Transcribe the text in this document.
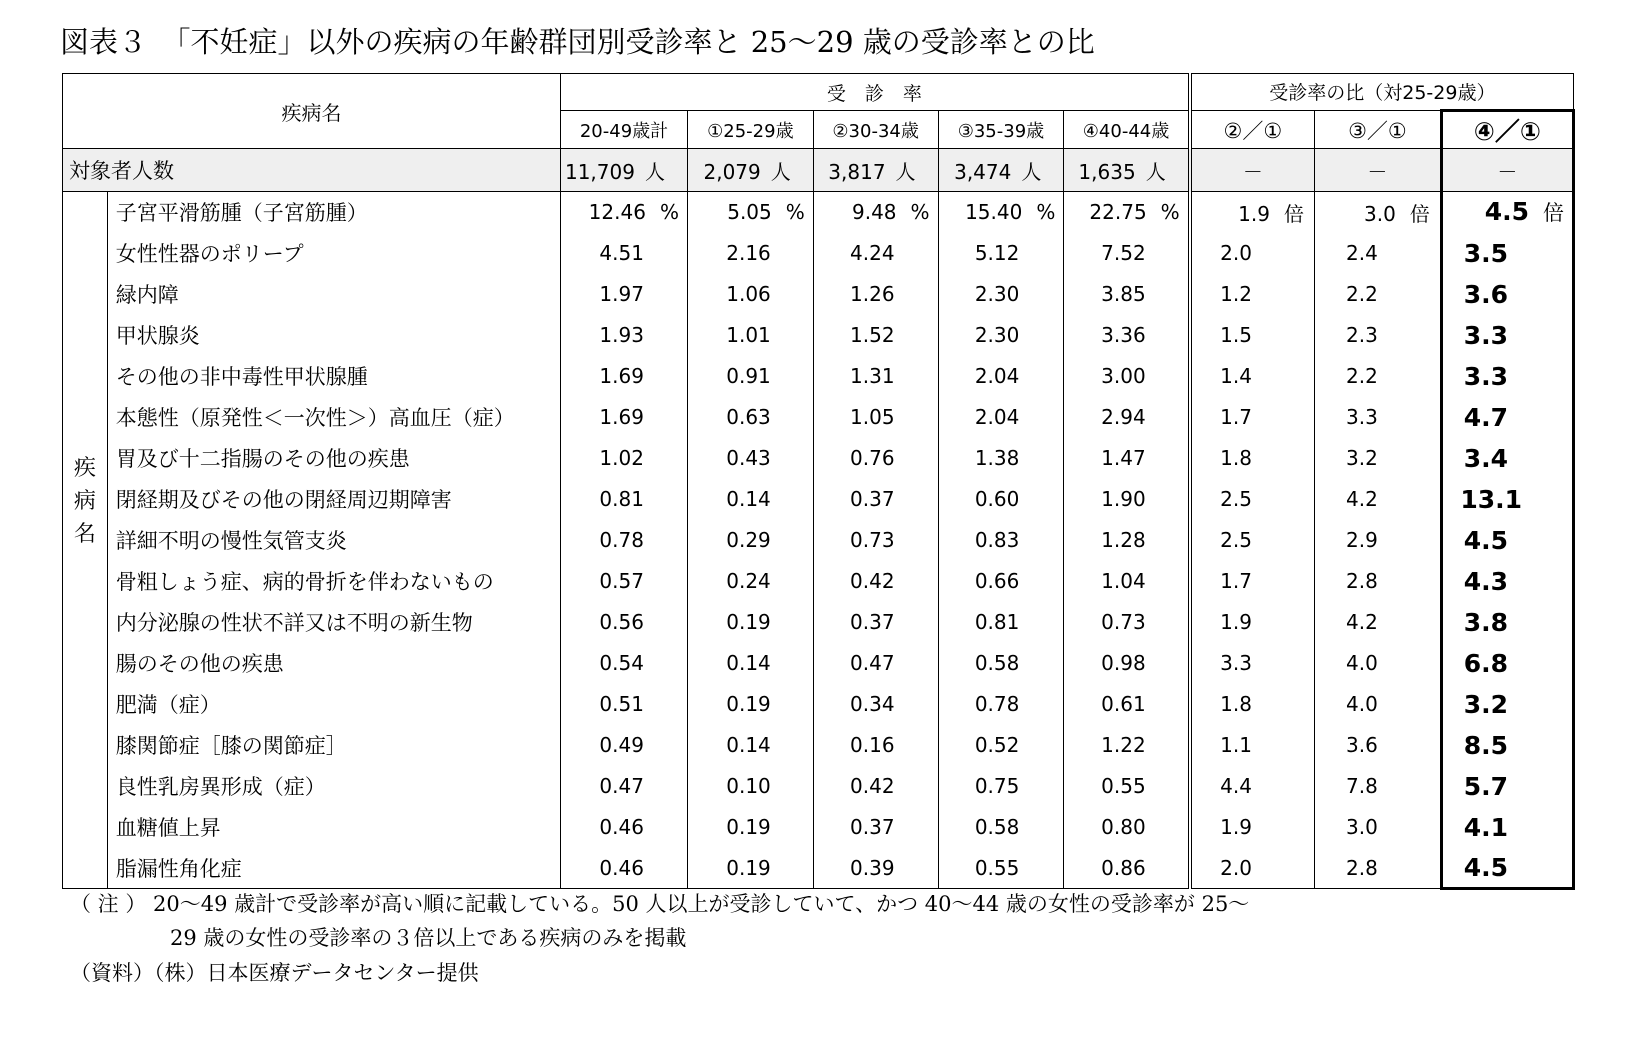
図表３　「不妊症」以外の疾病の年齢群団別受診率と 25～29 歳の受診率との比
疾病名		受　診　率					受診率の比（対25-29歳）		
		20-49歳計	①25-29歳	②30-34歳	③35-39歳	④40-44歳	②／①	③／①	④／①
対象者人数		11,709 人	2,079 人	3,817 人	3,474 人	1,635 人	－	－	－

疾
病
名	子宮平滑筋腫（子宮筋腫）	12.46 %	5.05 %	9.48 %	15.40 %	22.75 %	1.9 倍	3.0 倍	4.5 倍
	女性性器のポリープ	4.51	2.16	4.24	5.12	7.52	2.0	2.4	3.5
	緑内障	1.97	1.06	1.26	2.30	3.85	1.2	2.2	3.6
	甲状腺炎	1.93	1.01	1.52	2.30	3.36	1.5	2.3	3.3
	その他の非中毒性甲状腺腫	1.69	0.91	1.31	2.04	3.00	1.4	2.2	3.3
	本態性（原発性＜一次性＞）高血圧（症）	1.69	0.63	1.05	2.04	2.94	1.7	3.3	4.7
	胃及び十二指腸のその他の疾患	1.02	0.43	0.76	1.38	1.47	1.8	3.2	3.4
	閉経期及びその他の閉経周辺期障害	0.81	0.14	0.37	0.60	1.90	2.5	4.2	13.1
	詳細不明の慢性気管支炎	0.78	0.29	0.73	0.83	1.28	2.5	2.9	4.5
	骨粗しょう症、病的骨折を伴わないもの	0.57	0.24	0.42	0.66	1.04	1.7	2.8	4.3
	内分泌腺の性状不詳又は不明の新生物	0.56	0.19	0.37	0.81	0.73	1.9	4.2	3.8
	腸のその他の疾患	0.54	0.14	0.47	0.58	0.98	3.3	4.0	6.8
	肥満（症）	0.51	0.19	0.34	0.78	0.61	1.8	4.0	3.2
	膝関節症［膝の関節症］	0.49	0.14	0.16	0.52	1.22	1.1	3.6	8.5
	良性乳房異形成（症）	0.47	0.10	0.42	0.75	0.55	4.4	7.8	5.7
	血糖値上昇	0.46	0.19	0.37	0.58	0.80	1.9	3.0	4.1
	脂漏性角化症	0.46	0.19	0.39	0.55	0.86	2.0	2.8	4.5
（ 注 ） 20～49 歳計で受診率が高い順に記載している。50 人以上が受診していて、かつ 40～44 歳の女性の受診率が 25～
29 歳の女性の受診率の３倍以上である疾病のみを掲載
（資料）（株）日本医療データセンター提供
